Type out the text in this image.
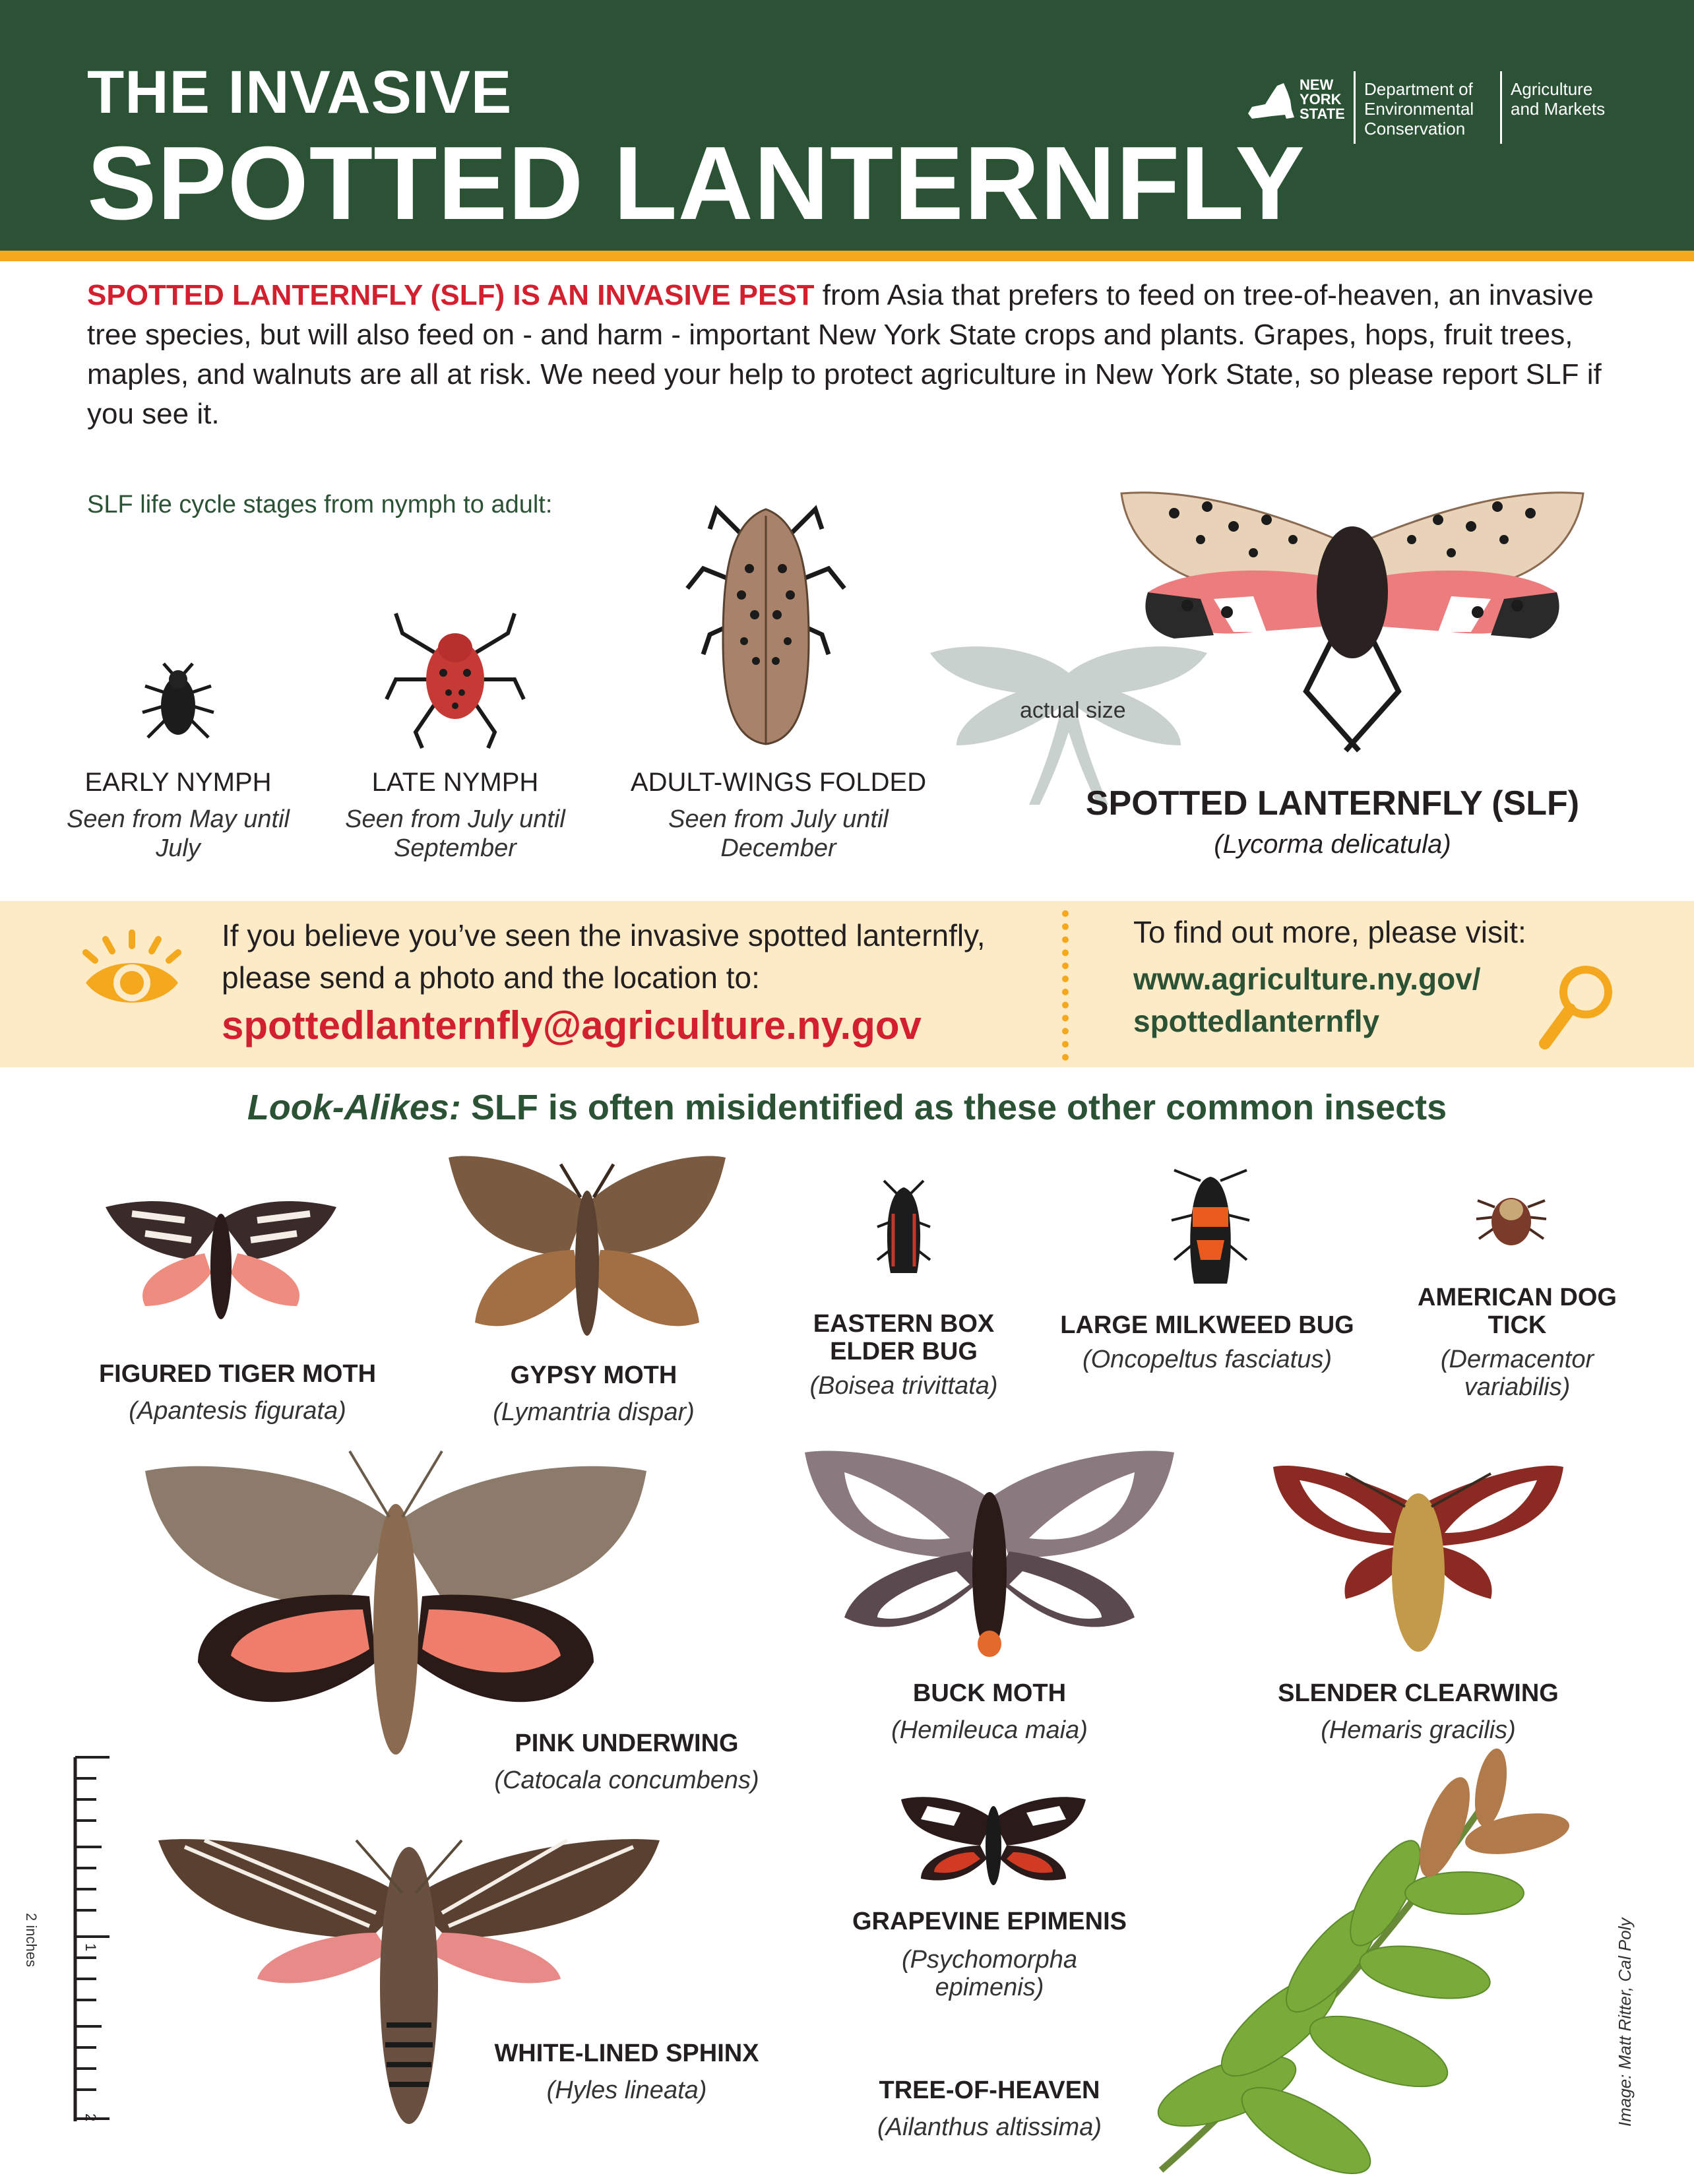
THE INVASIVE
SPOTTED LANTERNFLY
NEW YORK STATE
Department of Environmental Conservation
Agriculture and Markets
SPOTTED LANTERNFLY (SLF) IS AN INVASIVE PEST from Asia that prefers to feed on tree-of-heaven, an invasive tree species, but will also feed on - and harm - important New York State crops and plants. Grapes, hops, fruit trees, maples, and walnuts are all at risk. We need your help to protect agriculture in New York State, so please report SLF if you see it.
SLF life cycle stages from nymph to adult:
EARLY NYMPH
Seen from May until July
LATE NYMPH
Seen from July until September
ADULT-WINGS FOLDED
Seen from July until December
actual size
SPOTTED LANTERNFLY (SLF)
(Lycorma delicatula)
If you believe you’ve seen the invasive spotted lanternfly, please send a photo and the location to:
spottedlanternfly@agriculture.ny.gov
To find out more, please visit:
www.agriculture.ny.gov/ spottedlanternfly
Look-Alikes: SLF is often misidentified as these other common insects
FIGURED TIGER MOTH
(Apantesis figurata)
GYPSY MOTH
(Lymantria dispar)
EASTERN BOX ELDER BUG
(Boisea trivittata)
LARGE MILKWEED BUG
(Oncopeltus fasciatus)
AMERICAN DOG TICK
(Dermacentor variabilis)
PINK UNDERWING
(Catocala concumbens)
BUCK MOTH
(Hemileuca maia)
SLENDER CLEARWING
(Hemaris gracilis)
GRAPEVINE EPIMENIS
(Psychomorpha epimenis)
WHITE-LINED SPHINX
(Hyles lineata)	TREE-OF-HEAVEN
(Ailanthus altissima)
1
2
2 inches	Image: Matt Ritter, Cal Poly
